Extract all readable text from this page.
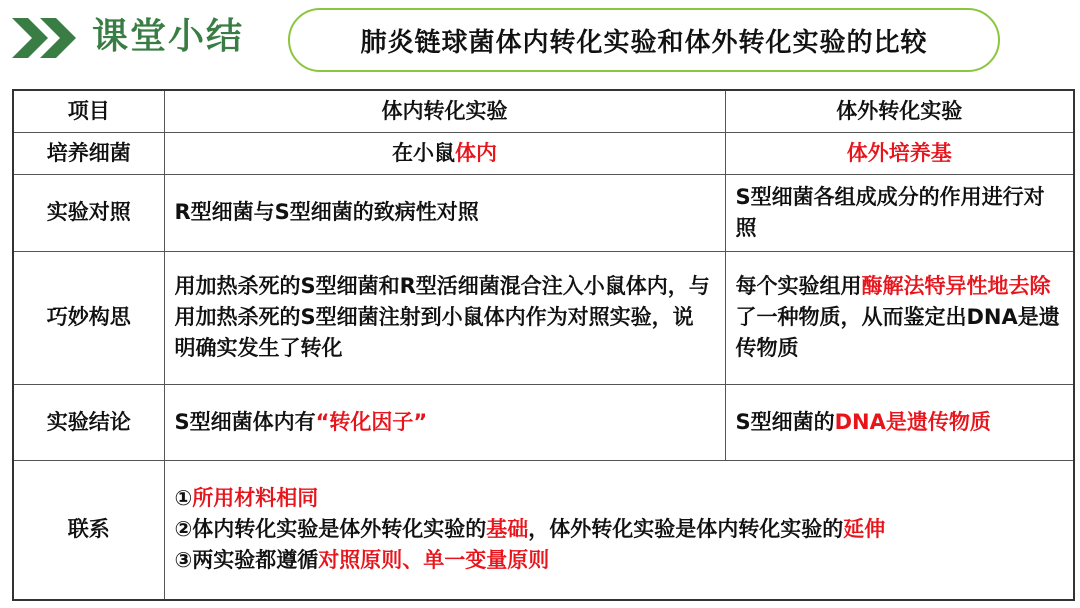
课堂小结	肺炎链球菌体内转化实验和体外转化实验的比较
项目	体内转化实验	体外转化实验
培养细菌	在小鼠体内	体外培养基
实验对照	R型细菌与S型细菌的致病性对照	S型细菌各组成成分的作用进行对照
巧妙构思	用加热杀死的S型细菌和R型活细菌混合注入小鼠体内，与用加热杀死的S型细菌注射到小鼠体内作为对照实验，说明确实发生了转化	每个实验组用酶解法特异性地去除了一种物质，从而鉴定出DNA是遗传物质
实验结论	S型细菌体内有“转化因子”	S型细菌的DNA是遗传物质
联系	①所用材料相同
②体内转化实验是体外转化实验的基础，体外转化实验是体内转化实验的延伸
③两实验都遵循对照原则、单一变量原则	
